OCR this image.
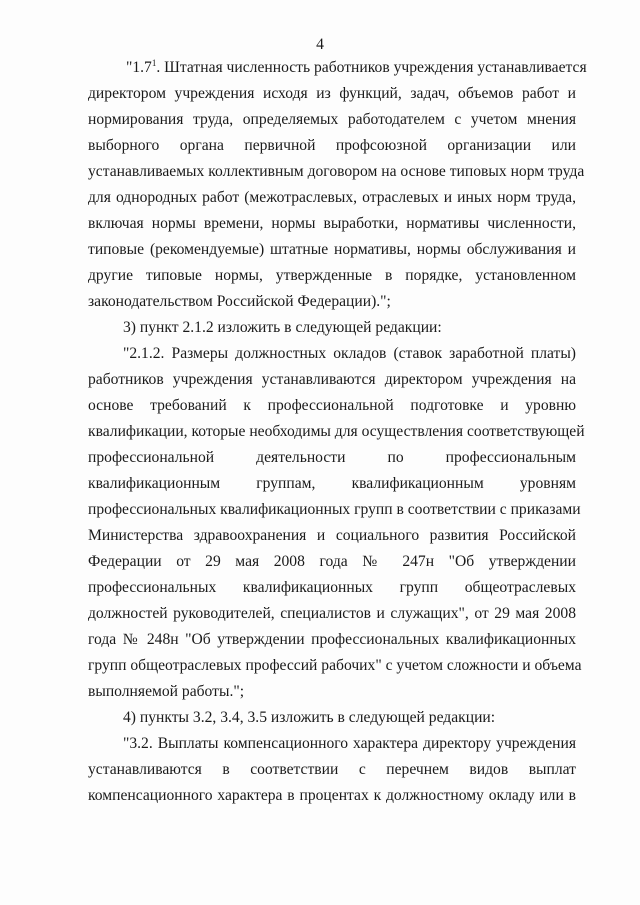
4
"$1.7^1$. Штатная численность работников учреждения устанавливается
директором учреждения исходя из функций, задач, объемов работ и
нормирования труда, определяемых работодателем с учетом мнения
выборного органа первичной профсоюзной организации или
устанавливаемых коллективным договором на основе типовых норм труда
для однородных работ (межотраслевых, отраслевых и иных норм труда,
включая нормы времени, нормы выработки, нормативы численности,
типовые (рекомендуемые) штатные нормативы, нормы обслуживания и
другие типовые нормы, утвержденные в порядке, установленном
законодательством Российской Федерации).";
3) пункт 2.1.2 изложить в следующей редакции:
"2.1.2. Размеры должностных окладов (ставок заработной платы)
работников учреждения устанавливаются директором учреждения на
основе требований к профессиональной подготовке и уровню
квалификации, которые необходимы для осуществления соответствующей
профессиональной деятельности по профессиональным
квалификационным группам, квалификационным уровням
профессиональных квалификационных групп в соответствии с приказами
Министерства здравоохранения и социального развития Российской
Федерации от 29 мая 2008 года № 247н "Об утверждении
профессиональных квалификационных групп общеотраслевых
должностей руководителей, специалистов и служащих", от 29 мая 2008
года № 248н "Об утверждении профессиональных квалификационных
групп общеотраслевых профессий рабочих" с учетом сложности и объема
выполняемой работы.";
4) пункты 3.2, 3.4, 3.5 изложить в следующей редакции:
"3.2. Выплаты компенсационного характера директору учреждения
устанавливаются в соответствии с перечнем видов выплат
компенсационного характера в процентах к должностному окладу или в
